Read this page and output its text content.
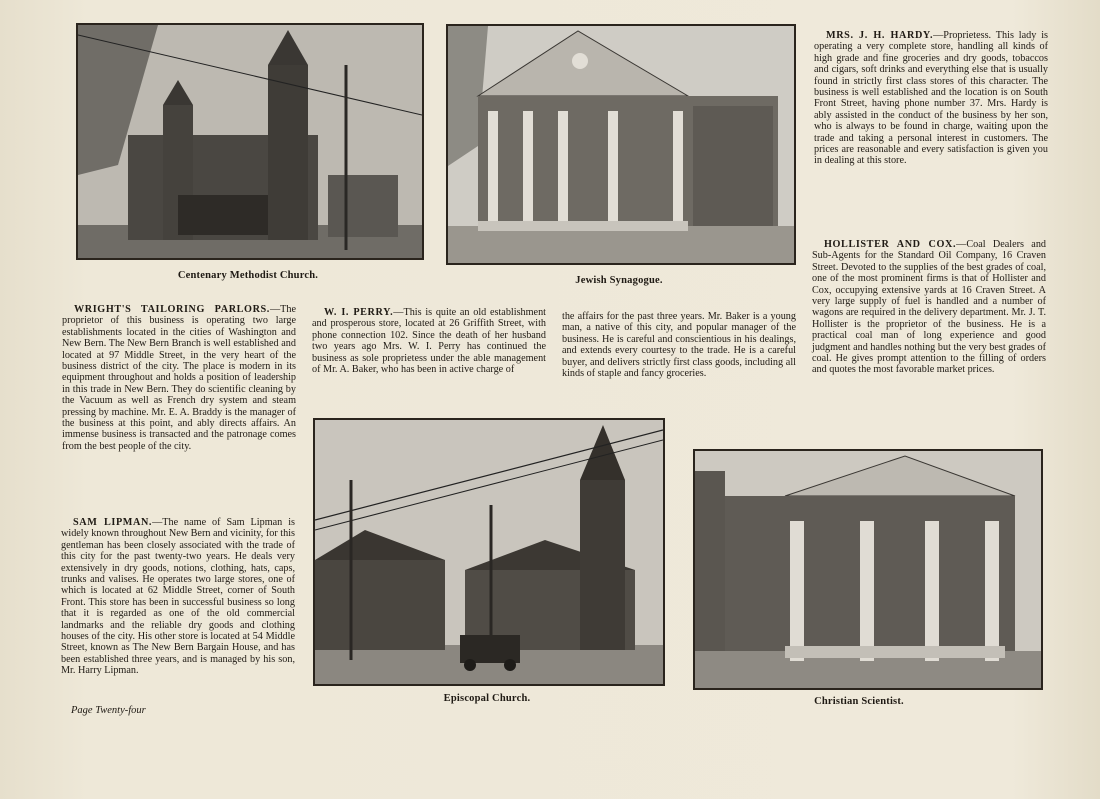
Centenary Methodist Church.	Jewish Synagogue.
MRS. J. H. HARDY.—Proprietess. This lady is operating a very complete store, handling all kinds of high grade and fine groceries and dry goods, tobaccos and cigars, soft drinks and everything else that is usually found in strictly first class stores of this character. The business is well established and the location is on South Front Street, having phone number 37. Mrs. Hardy is ably assisted in the conduct of the business by her son, who is always to be found in charge, waiting upon the trade and taking a personal interest in customers. The prices are reasonable and every satisfaction is given you in dealing at this store.
HOLLISTER AND COX.—Coal Dealers and Sub-Agents for the Standard Oil Company, 16 Craven Street. Devoted to the supplies of the best grades of coal, one of the most prominent firms is that of Hollister and Cox, occupying extensive yards at 16 Craven Street. A very large supply of fuel is handled and a number of wagons are required in the delivery department. Mr. J. T. Hollister is the proprietor of the business. He is a practical coal man of long experience and good judgment and handles nothing but the very best grades of coal. He gives prompt attention to the filling of orders and quotes the most favorable market prices.
WRIGHT'S TAILORING PARLORS.—The proprietor of this business is operating two large establishments located in the cities of Washington and New Bern. The New Bern Branch is well established and located at 97 Middle Street, in the very heart of the business district of the city. The place is modern in its equipment throughout and holds a position of leadership in this trade in New Bern. They do scientific cleaning by the Vacuum as well as French dry system and steam pressing by machine. Mr. E. A. Braddy is the manager of the business at this point, and ably directs affairs. An immense business is transacted and the patronage comes from the best people of the city.
W. I. PERRY.—This is quite an old establishment and prosperous store, located at 26 Griffith Street, with phone connection 102. Since the death of her husband two years ago Mrs. W. I. Perry has continued the business as sole proprietess under the able management of Mr. A. Baker, who has been in active charge of
the affairs for the past three years. Mr. Baker is a young man, a native of this city, and popular manager of the business. He is careful and conscientious in his dealings, and extends every courtesy to the trade. He is a careful buyer, and delivers strictly first class goods, including all kinds of staple and fancy groceries.
SAM LIPMAN.—The name of Sam Lipman is widely known throughout New Bern and vicinity, for this gentleman has been closely associated with the trade of this city for the past twenty-two years. He deals very extensively in dry goods, notions, clothing, hats, caps, trunks and valises. He operates two large stores, one of which is located at 62 Middle Street, corner of South Front. This store has been in successful business so long that it is regarded as one of the old commercial landmarks and the reliable dry goods and clothing houses of the city. His other store is located at 54 Middle Street, known as The New Bern Bargain House, and has been established three years, and is managed by his son, Mr. Harry Lipman.
Episcopal Church.	Christian Scientist.
Page Twenty-four
